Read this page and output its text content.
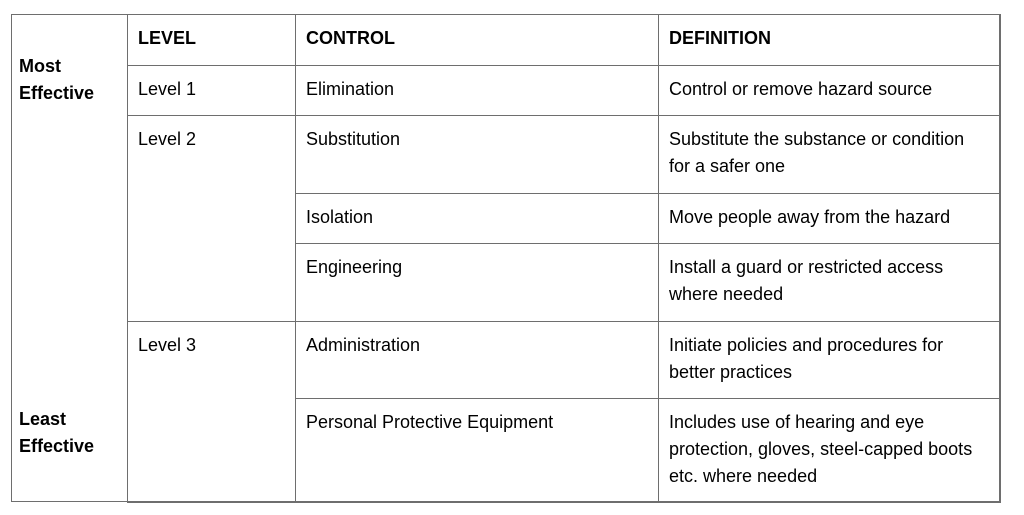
Most
Effective
Least
Effective
LEVEL	CONTROL	DEFINITION
Level 1	Elimination	Control or remove hazard source
Level 2	Substitution	Substitute the substance or condition for a safer one
	Isolation	Move people away from the hazard
	Engineering	Install a guard or restricted access where needed
Level 3	Administration	Initiate policies and procedures for better practices
	Personal Protective Equipment	Includes use of hearing and eye protection, gloves, steel-capped boots etc. where needed
